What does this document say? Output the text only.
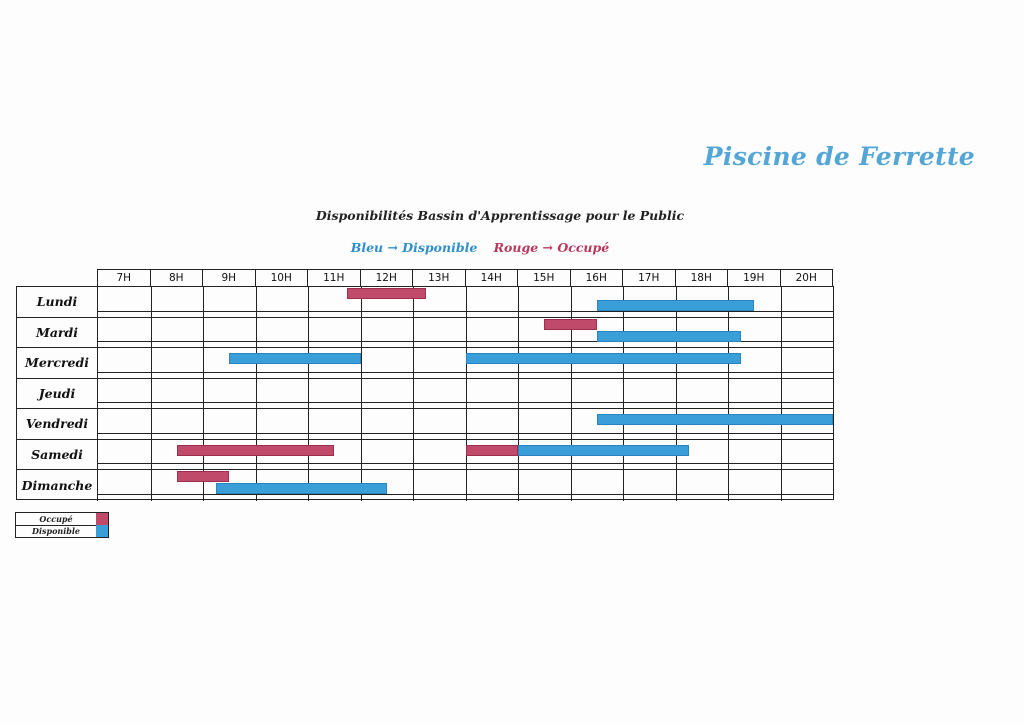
Piscine de Ferrette
Disponibilités Bassin d'Apprentissage pour le Public
Bleu → Disponible Rouge → Occupé
7H	8H	9H	10H	11H	12H	13H	14H	15H	16H	17H	18H	19H	20H
Lundi
Mardi
Mercredi
Jeudi
Vendredi
Samedi
Dimanche
Occupé
Disponible
